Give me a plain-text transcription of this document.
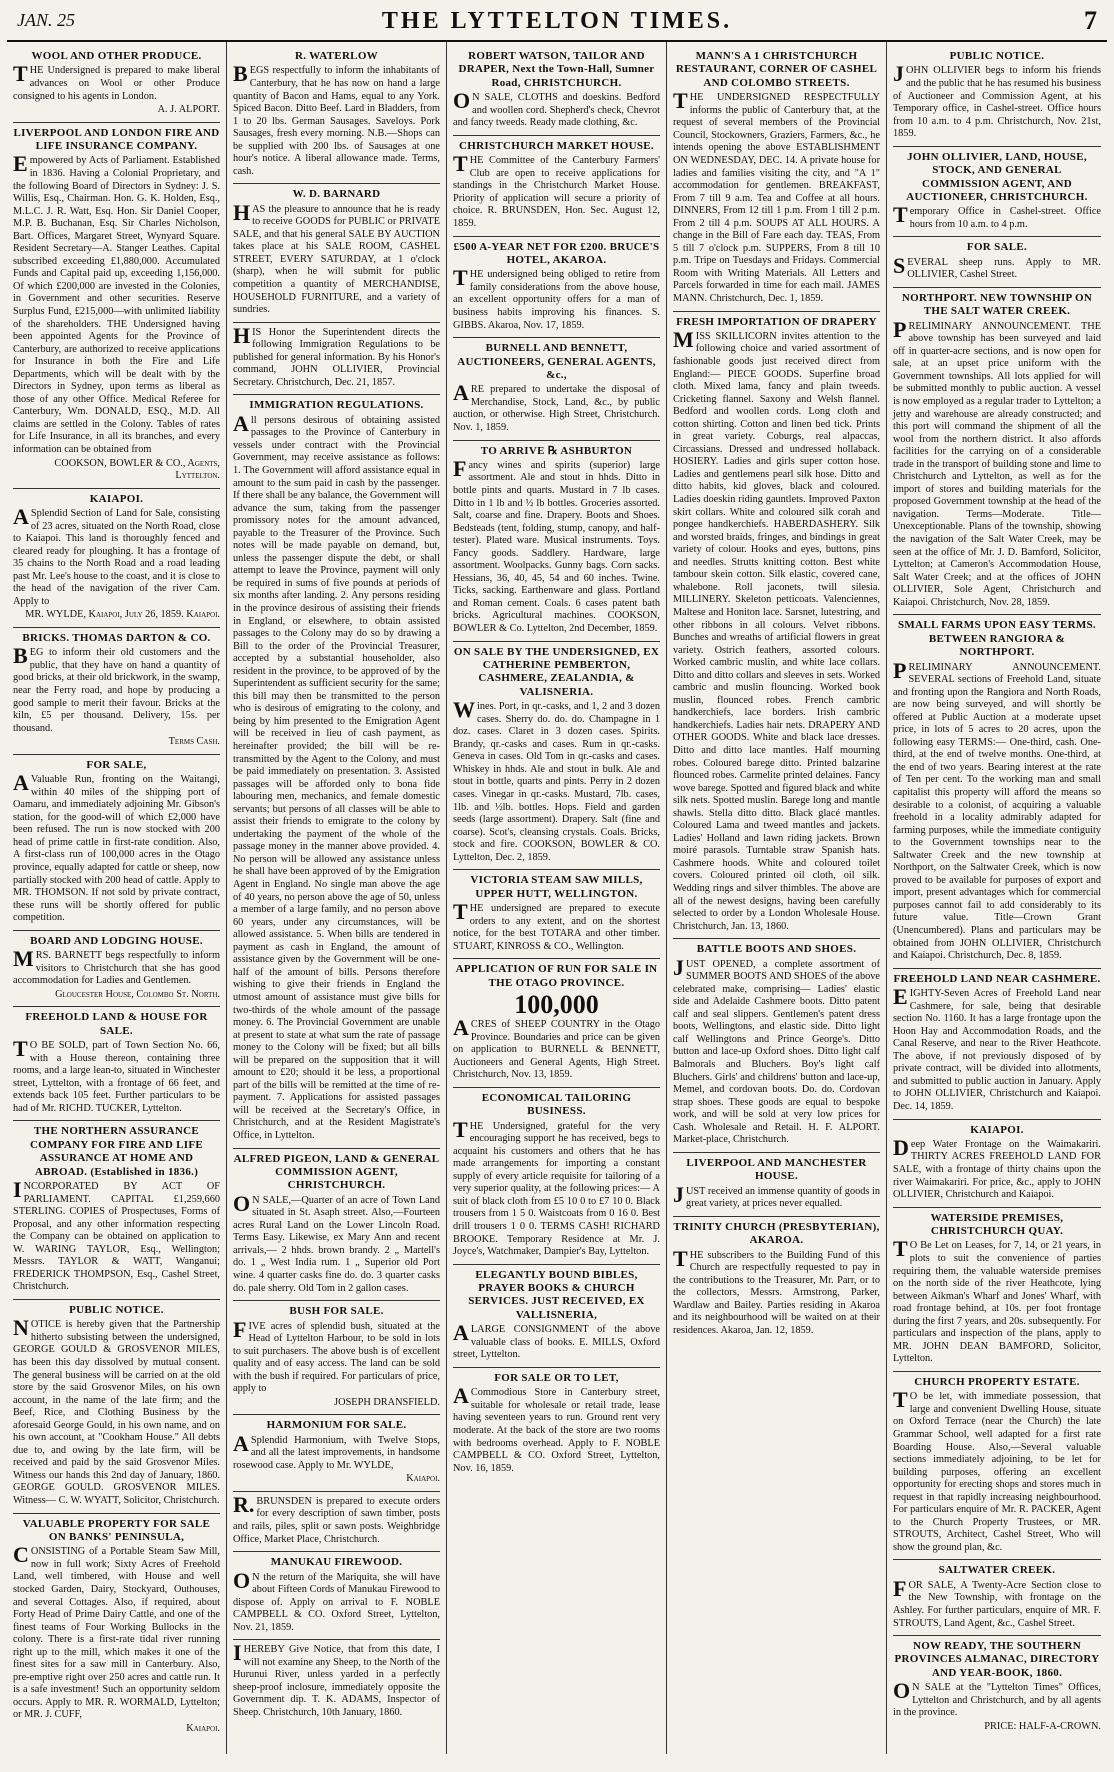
JAN. 25	THE LYTTELTON TIMES.	7
WOOL AND OTHER PRODUCE.
THE Undersigned is prepared to make liberal advances on Wool or other Produce consigned to his agents in London.
A. J. ALPORT.
LIVERPOOL AND LONDON FIRE AND LIFE INSURANCE COMPANY.
Empowered by Acts of Parliament. Established in 1836. Having a Colonial Proprietary, and the following Board of Directors in Sydney: J. S. Willis, Esq., Chairman. Hon. G. K. Holden, Esq., M.L.C. J. R. Watt, Esq. Hon. Sir Daniel Cooper, M.P. B. Buchanan, Esq. Sir Charles Nicholson, Bart. Offices, Margaret Street, Wynyard Square. Resident Secretary—A. Stanger Leathes. Capital subscribed exceeding £1,880,000. Accumulated Funds and Capital paid up, exceeding 1,156,000. Of which £200,000 are invested in the Colonies, in Government and other securities. Reserve Surplus Fund, £215,000—with unlimited liability of the shareholders. THE Undersigned having been appointed Agents for the Province of Canterbury, are authorized to receive applications for Insurance in both the Fire and Life Departments, which will be dealt with by the Directors in Sydney, upon terms as liberal as those of any other Office. Medical Referee for Canterbury, Wm. DONALD, ESQ., M.D. All claims are settled in the Colony. Tables of rates for Life Insurance, in all its branches, and every information can be obtained from
COOKSON, BOWLER & CO., Agents, Lyttelton.
KAIAPOI.
ASplendid Section of Land for Sale, consisting of 23 acres, situated on the North Road, close to Kaiapoi. This land is thoroughly fenced and cleared ready for ploughing. It has a frontage of 35 chains to the North Road and a road leading past Mr. Lee's house to the coast, and it is close to the head of the navigation of the river Cam. Apply to
MR. WYLDE, Kaiapoi, July 26, 1859. Kaiapoi.
BRICKS. THOMAS DARTON & CO.
BEG to inform their old customers and the public, that they have on hand a quantity of good bricks, at their old brickwork, in the swamp, near the Ferry road, and hope by producing a good sample to merit their favour. Bricks at the kiln, £5 per thousand. Delivery, 15s. per thousand.
Terms Cash.
FOR SALE,
AValuable Run, fronting on the Waitangi, within 40 miles of the shipping port of Oamaru, and immediately adjoining Mr. Gibson's station, for the good-will of which £2,000 have been refused. The run is now stocked with 200 head of prime cattle in first-rate condition. Also, A first-class run of 100,000 acres in the Otago province, equally adapted for cattle or sheep, now partially stocked with 200 head of cattle. Apply to MR. THOMSON. If not sold by private contract, these runs will be shortly offered for public competition.
BOARD AND LODGING HOUSE.
MRS. BARNETT begs respectfully to inform visitors to Christchurch that she has good accommodation for Ladies and Gentlemen.
Gloucester House, Colombo St. North.
FREEHOLD LAND & HOUSE FOR SALE.
TO BE SOLD, part of Town Section No. 66, with a House thereon, containing three rooms, and a large lean-to, situated in Winchester street, Lyttelton, with a frontage of 66 feet, and extends back 105 feet. Further particulars to be had of Mr. RICHD. TUCKER, Lyttelton.
THE NORTHERN ASSURANCE COMPANY FOR FIRE AND LIFE ASSURANCE AT HOME AND ABROAD. (Established in 1836.)
INCORPORATED BY ACT OF PARLIAMENT. CAPITAL £1,259,660 STERLING. COPIES of Prospectuses, Forms of Proposal, and any other information respecting the Company can be obtained on application to W. WARING TAYLOR, Esq., Wellington; Messrs. TAYLOR & WATT, Wanganui; FREDERICK THOMPSON, Esq., Cashel Street, Christchurch.
PUBLIC NOTICE.
NOTICE is hereby given that the Partnership hitherto subsisting between the undersigned, GEORGE GOULD & GROSVENOR MILES, has been this day dissolved by mutual consent. The general business will be carried on at the old store by the said Grosvenor Miles, on his own account, in the name of the late firm; and the Beef, Rice, and Clothing Business by the aforesaid George Gould, in his own name, and on his own account, at "Cookham House." All debts due to, and owing by the late firm, will be received and paid by the said Grosvenor Miles. Witness our hands this 2nd day of January, 1860. GEORGE GOULD. GROSVENOR MILES. Witness— C. W. WYATT, Solicitor, Christchurch.
VALUABLE PROPERTY FOR SALE ON BANKS' PENINSULA,
CONSISTING of a Portable Steam Saw Mill, now in full work; Sixty Acres of Freehold Land, well timbered, with House and well stocked Garden, Dairy, Stockyard, Outhouses, and several Cottages. Also, if required, about Forty Head of Prime Dairy Cattle, and one of the finest teams of Four Working Bullocks in the colony. There is a first-rate tidal river running right up to the mill, which makes it one of the finest sites for a saw mill in Canterbury. Also, pre-emptive right over 250 acres and cattle run. It is a safe investment! Such an opportunity seldom occurs. Apply to MR. R. WORMALD, Lyttelton; or MR. J. CUFF,
Kaiapoi.
R. WATERLOW
BEGS respectfully to inform the inhabitants of Canterbury, that he has now on hand a large quantity of Bacon and Hams, equal to any York. Spiced Bacon. Ditto Beef. Lard in Bladders, from 1 to 20 lbs. German Sausages. Saveloys. Pork Sausages, fresh every morning. N.B.—Shops can be supplied with 200 lbs. of Sausages at one hour's notice. A liberal allowance made. Terms, cash.
W. D. BARNARD
HAS the pleasure to announce that he is ready to receive GOODS for PUBLIC or PRIVATE SALE, and that his general SALE BY AUCTION takes place at his SALE ROOM, CASHEL STREET, EVERY SATURDAY, at 1 o'clock (sharp), when he will submit for public competition a quantity of MERCHANDISE, HOUSEHOLD FURNITURE, and a variety of sundries.
HIS Honor the Superintendent directs the following Immigration Regulations to be published for general information. By his Honor's command, JOHN OLLIVIER, Provincial Secretary. Christchurch, Dec. 21, 1857.
IMMIGRATION REGULATIONS.
All persons desirous of obtaining assisted passages to the Province of Canterbury in vessels under contract with the Provincial Government, may receive assistance as follows: 1. The Government will afford assistance equal in amount to the sum paid in cash by the passenger. If there shall be any balance, the Government will advance the sum, taking from the passenger promissory notes for the amount advanced, payable to the Treasurer of the Province. Such notes will be made payable on demand, but, unless the passenger dispute the debt, or shall attempt to leave the Province, payment will only be required in sums of five pounds at periods of six months after landing. 2. Any persons residing in the province desirous of assisting their friends in England, or elsewhere, to obtain assisted passages to the Colony may do so by drawing a Bill to the order of the Provincial Treasurer, accepted by a substantial householder, also resident in the province, to be approved of by the Superintendent as sufficient security for the same; this bill may then be transmitted to the person who is desirous of emigrating to the colony, and being by him presented to the Emigration Agent will be received in lieu of cash payment, as hereinafter provided; the bill will be re-transmitted by the Agent to the Colony, and must be paid immediately on presentation. 3. Assisted passages will be afforded only to bona fide labouring men, mechanics, and female domestic servants; but persons of all classes will be able to assist their friends to emigrate to the colony by undertaking the payment of the whole of the passage money in the manner above provided. 4. No person will be allowed any assistance unless he shall have been approved of by the Emigration Agent in England. No single man above the age of 40 years, no person above the age of 50, unless a member of a large family, and no person above 60 years, under any circumstances, will be allowed assistance. 5. When bills are tendered in payment as cash in England, the amount of assistance given by the Government will be one-half of the amount of bills. Persons therefore wishing to give their friends in England the utmost amount of assistance must give bills for two-thirds of the whole amount of the passage money. 6. The Provincial Government are unable at present to state at what sum the rate of passage money to the Colony will be fixed; but all bills will be prepared on the supposition that it will amount to £20; should it be less, a proportional part of the bills will be remitted at the time of re-payment. 7. Applications for assisted passages will be received at the Secretary's Office, in Christchurch, and at the Resident Magistrate's Office, in Lyttelton.
ALFRED PIGEON, LAND & GENERAL COMMISSION AGENT, CHRISTCHURCH.
ON SALE,—Quarter of an acre of Town Land situated in St. Asaph street. Also,—Fourteen acres Rural Land on the Lower Lincoln Road. Terms Easy. Likewise, ex Mary Ann and recent arrivals,— 2 hhds. brown brandy. 2 „ Martell's do. 1 „ West India rum. 1 „ Superior old Port wine. 4 quarter casks fine do. do. 3 quarter casks do. pale sherry. Old Tom in 2 gallon cases.
BUSH FOR SALE.
FIVE acres of splendid bush, situated at the Head of Lyttelton Harbour, to be sold in lots to suit purchasers. The above bush is of excellent quality and of easy access. The land can be sold with the bush if required. For particulars of price, apply to
JOSEPH DRANSFIELD.
HARMONIUM FOR SALE.
ASplendid Harmonium, with Twelve Stops, and all the latest improvements, in handsome rosewood case. Apply to Mr. WYLDE,
Kaiapoi.
R.BRUNSDEN is prepared to execute orders for every description of sawn timber, posts and rails, piles, split or sawn posts. Weighbridge Office, Market Place, Christchurch.
MANUKAU FIREWOOD.
ON the return of the Mariquita, she will have about Fifteen Cords of Manukau Firewood to dispose of. Apply on arrival to F. NOBLE CAMPBELL & CO. Oxford Street, Lyttelton, Nov. 21, 1859.
IHEREBY Give Notice, that from this date, I will not examine any Sheep, to the North of the Hurunui River, unless yarded in a perfectly sheep-proof inclosure, immediately opposite the Government dip. T. K. ADAMS, Inspector of Sheep. Christchurch, 10th January, 1860.
ROBERT WATSON, TAILOR AND DRAPER, Next the Town-Hall, Sumner Road, CHRISTCHURCH.
ON SALE, CLOTHS and doeskins. Bedford and woollen cord. Shepherd's check, Chevrot and fancy tweeds. Ready made clothing, &c.
CHRISTCHURCH MARKET HOUSE.
THE Committee of the Canterbury Farmers' Club are open to receive applications for standings in the Christchurch Market House. Priority of application will secure a priority of choice. R. BRUNSDEN, Hon. Sec. August 12, 1859.
£500 A-YEAR NET FOR £200. BRUCE'S HOTEL, AKAROA.
THE undersigned being obliged to retire from family considerations from the above house, an excellent opportunity offers for a man of business habits improving his finances. S. GIBBS. Akaroa, Nov. 17, 1859.
BURNELL AND BENNETT, AUCTIONEERS, GENERAL AGENTS, &c.,
ARE prepared to undertake the disposal of Merchandise, Stock, Land, &c., by public auction, or otherwise. High Street, Christchurch. Nov. 1, 1859.
TO ARRIVE ℞ ASHBURTON
Fancy wines and spirits (superior) large assortment. Ale and stout in hhds. Ditto in bottle pints and quarts. Mustard in 7 lb cases. Ditto in 1 lb and ½ lb bottles. Groceries assorted. Salt, coarse and fine. Drapery. Boots and Shoes. Bedsteads (tent, folding, stump, canopy, and half-tester). Plated ware. Musical instruments. Toys. Fancy goods. Saddlery. Hardware, large assortment. Woolpacks. Gunny bags. Corn sacks. Hessians, 36, 40, 45, 54 and 60 inches. Twine. Ticks, sacking. Earthenware and glass. Portland and Roman cement. Coals. 6 cases patent bath bricks. Agricultural machines. COOKSON, BOWLER & Co. Lyttelton, 2nd December, 1859.
ON SALE BY THE UNDERSIGNED, EX CATHERINE PEMBERTON, CASHMERE, ZEALANDIA, & VALISNERIA.
Wines. Port, in qr.-casks, and 1, 2 and 3 dozen cases. Sherry do. do. do. Champagne in 1 doz. cases. Claret in 3 dozen cases. Spirits. Brandy, qr.-casks and cases. Rum in qr.-casks. Geneva in cases. Old Tom in qr.-casks and cases. Whiskey in hhds. Ale and stout in bulk. Ale and stout in bottle, quarts and pints. Perry in 2 dozen cases. Vinegar in qr.-casks. Mustard, 7lb. cases, 1lb. and ½lb. bottles. Hops. Field and garden seeds (large assortment). Drapery. Salt (fine and coarse). Scot's, cleansing crystals. Coals. Bricks, stock and fire. COOKSON, BOWLER & CO. Lyttelton, Dec. 2, 1859.
VICTORIA STEAM SAW MILLS, UPPER HUTT, WELLINGTON.
THE undersigned are prepared to execute orders to any extent, and on the shortest notice, for the best TOTARA and other timber. STUART, KINROSS & CO., Wellington.
APPLICATION OF RUN FOR SALE IN THE OTAGO PROVINCE.
100,000
ACRES of SHEEP COUNTRY in the Otago Province. Boundaries and price can be given on application to BURNELL & BENNETT, Auctioneers and General Agents, High Street. Christchurch, Nov. 13, 1859.
ECONOMICAL TAILORING BUSINESS.
THE Undersigned, grateful for the very encouraging support he has received, begs to acquaint his customers and others that he has made arrangements for importing a constant supply of every article requisite for tailoring of a very superior quality, at the following prices:— A suit of black cloth from £5 10 0 to £7 10 0. Black trousers from 1 5 0. Waistcoats from 0 16 0. Best drill trousers 1 0 0. TERMS CASH! RICHARD BROOKE. Temporary Residence at Mr. J. Joyce's, Watchmaker, Dampier's Bay, Lyttelton.
ELEGANTLY BOUND BIBLES, PRAYER BOOKS & CHURCH SERVICES. JUST RECEIVED, EX VALLISNERIA,
ALARGE CONSIGNMENT of the above valuable class of books. E. MILLS, Oxford street, Lyttelton.
FOR SALE OR TO LET,
ACommodious Store in Canterbury street, suitable for wholesale or retail trade, lease having seventeen years to run. Ground rent very moderate. At the back of the store are two rooms with bedrooms overhead. Apply to F. NOBLE CAMPBELL & CO. Oxford Street, Lyttelton, Nov. 16, 1859.
MANN'S A 1 CHRISTCHURCH RESTAURANT, CORNER OF CASHEL AND COLOMBO STREETS.
THE UNDERSIGNED RESPECTFULLY informs the public of Canterbury that, at the request of several members of the Provincial Council, Stockowners, Graziers, Farmers, &c., he intends opening the above ESTABLISHMENT ON WEDNESDAY, DEC. 14. A private house for ladies and families visiting the city, and "A 1" accommodation for gentlemen. BREAKFAST, From 7 till 9 a.m. Tea and Coffee at all hours. DINNERS, From 12 till 1 p.m. From 1 till 2 p.m. From 2 till 4 p.m. SOUPS AT ALL HOURS. A change in the Bill of Fare each day. TEAS, From 5 till 7 o'clock p.m. SUPPERS, From 8 till 10 p.m. Tripe on Tuesdays and Fridays. Commercial Room with Writing Materials. All Letters and Parcels forwarded in time for each mail. JAMES MANN. Christchurch, Dec. 1, 1859.
FRESH IMPORTATION OF DRAPERY
MISS SKILLICORN invites attention to the following choice and varied assortment of fashionable goods just received direct from England:— PIECE GOODS. Superfine broad cloth. Mixed lama, fancy and plain tweeds. Cricketing flannel. Saxony and Welsh flannel. Bedford and woollen cords. Long cloth and cotton shirting. Cotton and linen bed tick. Prints in great variety. Coburgs, real alpaccas, Circassians. Dressed and undressed hollaback. HOSIERY. Ladies and girls super cotton hose. Ladies and gentlemens pearl silk hose. Ditto and ditto habits, kid gloves, black and coloured. Ladies doeskin riding gauntlets. Improved Paxton skirt collars. White and coloured silk corah and pongee handkerchiefs. HABERDASHERY. Silk and worsted braids, fringes, and bindings in great variety of colour. Hooks and eyes, buttons, pins and needles. Strutts knitting cotton. Best white tambour skein cotton. Silk elastic, covered cane, whalebone. Roll jaconets, twill silesia. MILLINERY. Skeleton petticoats. Valenciennes, Maltese and Honiton lace. Sarsnet, lutestring, and other ribbons in all colours. Velvet ribbons. Bunches and wreaths of artificial flowers in great variety. Ostrich feathers, assorted colours. Worked cambric muslin, and white lace collars. Ditto and ditto collars and sleeves in sets. Worked cambric and muslin flouncing. Worked book muslin, flounced robes. French cambric handkerchiefs, lace borders. Irish cambric handkerchiefs. Ladies hair nets. DRAPERY AND OTHER GOODS. White and black lace dresses. Ditto and ditto lace mantles. Half mourning robes. Coloured barege ditto. Printed balzarine flounced robes. Carmelite printed delaines. Fancy wove barege. Spotted and figured black and white silk nets. Spotted muslin. Barege long and mantle shawls. Stella ditto ditto. Black glacé mantles. Coloured Lama and tweed mantles and jackets. Ladies' Holland and lawn riding jackets. Brown moiré parasols. Turntable straw Spanish hats. Cashmere hoods. White and coloured toilet covers. Coloured printed oil cloth, oil silk. Wedding rings and silver thimbles. The above are all of the newest designs, having been carefully selected to order by a London Wholesale House. Christchurch, Jan. 13, 1860.
BATTLE BOOTS AND SHOES.
JUST OPENED, a complete assortment of SUMMER BOOTS AND SHOES of the above celebrated make, comprising— Ladies' elastic side and Adelaide Cashmere boots. Ditto patent calf and seal slippers. Gentlemen's patent dress boots, Wellingtons, and elastic side. Ditto light calf Wellingtons and Prince George's. Ditto button and lace-up Oxford shoes. Ditto light calf Balmorals and Bluchers. Boy's light calf Bluchers. Girls' and childrens' button and lace-up, Memel, and cordovan boots. Do. do. Cordovan strap shoes. These goods are equal to bespoke work, and will be sold at very low prices for Cash. Wholesale and Retail. H. F. ALPORT. Market-place, Christchurch.
LIVERPOOL AND MANCHESTER HOUSE.
JUST received an immense quantity of goods in great variety, at prices never equalled.
TRINITY CHURCH (PRESBYTERIAN), AKAROA.
THE subscribers to the Building Fund of this Church are respectfully requested to pay in the contributions to the Treasurer, Mr. Parr, or to the collectors, Messrs. Armstrong, Parker, Wardlaw and Bailey. Parties residing in Akaroa and its neighbourhood will be waited on at their residences. Akaroa, Jan. 12, 1859.
PUBLIC NOTICE.
JOHN OLLIVIER begs to inform his friends and the public that he has resumed his business of Auctioneer and Commission Agent, at his Temporary office, in Cashel-street. Office hours from 10 a.m. to 4 p.m. Christchurch, Nov. 21st, 1859.
JOHN OLLIVIER, LAND, HOUSE, STOCK, AND GENERAL COMMISSION AGENT, AND AUCTIONEER, CHRISTCHURCH.
Temporary Office in Cashel-street. Office hours from 10 a.m. to 4 p.m.
FOR SALE.
SEVERAL sheep runs. Apply to MR. OLLIVIER, Cashel Street.
NORTHPORT. NEW TOWNSHIP ON THE SALT WATER CREEK.
PRELIMINARY ANNOUNCEMENT. THE above township has been surveyed and laid off in quarter-acre sections, and is now open for sale, at an upset price uniform with the Government townships. All lots applied for will be submitted monthly to public auction. A vessel is now employed as a regular trader to Lyttelton; a jetty and warehouse are already constructed; and this port will command the shipment of all the wool from the northern district. It also affords facilities for the carrying on of a considerable trade in the transport of building stone and lime to Christchurch and Lyttelton, as well as for the import of stores and building materials for the proposed Government township at the head of the navigation. Terms—Moderate. Title—Unexceptionable. Plans of the township, showing the navigation of the Salt Water Creek, may be seen at the office of Mr. J. D. Bamford, Solicitor, Lyttelton; at Cameron's Accommodation House, Salt Water Creek; and at the offices of JOHN OLLIVIER, Sole Agent, Christchurch and Kaiapoi. Christchurch, Nov. 28, 1859.
SMALL FARMS UPON EASY TERMS. BETWEEN RANGIORA & NORTHPORT.
PRELIMINARY ANNOUNCEMENT. SEVERAL sections of Freehold Land, situate and fronting upon the Rangiora and North Roads, are now being surveyed, and will shortly be offered at Public Auction at a moderate upset price, in lots of 5 acres to 20 acres, upon the following easy TERMS:— One-third, cash. One-third, at the end of twelve months. One-third, at the end of two years. Bearing interest at the rate of Ten per cent. To the working man and small capitalist this property will afford the means so desirable to a colonist, of acquiring a valuable freehold in a locality admirably adapted for farming purposes, while the immediate contiguity to the Government townships near to the Saltwater Creek and the new township at Northport, on the Saltwater Creek, which is now proved to be available for purposes of export and import, present advantages which for commercial purposes cannot fail to add considerably to its future value. Title—Crown Grant (Unencumbered). Plans and particulars may be obtained from JOHN OLLIVIER, Christchurch and Kaiapoi. Christchurch, Dec. 8, 1859.
FREEHOLD LAND NEAR CASHMERE.
EIGHTY-Seven Acres of Freehold Land near Cashmere, for sale, being that desirable section No. 1160. It has a large frontage upon the Hoon Hay and Accommodation Roads, and the Canal Reserve, and near to the River Heathcote. The above, if not previously disposed of by private contract, will be divided into allotments, and submitted to public auction in January. Apply to JOHN OLLIVIER, Christchurch and Kaiapoi. Dec. 14, 1859.
KAIAPOI.
Deep Water Frontage on the Waimakariri. THIRTY ACRES FREEHOLD LAND FOR SALE, with a frontage of thirty chains upon the river Waimakariri. For price, &c., apply to JOHN OLLIVIER, Christchurch and Kaiapoi.
WATERSIDE PREMISES, CHRISTCHURCH QUAY.
TO Be Let on Leases, for 7, 14, or 21 years, in plots to suit the convenience of parties requiring them, the valuable waterside premises on the north side of the river Heathcote, lying between Aikman's Wharf and Jones' Wharf, with road frontage behind, at 10s. per foot frontage during the first 7 years, and 20s. subsequently. For particulars and inspection of the plans, apply to MR. JOHN DEAN BAMFORD, Solicitor, Lyttelton.
CHURCH PROPERTY ESTATE.
TO be let, with immediate possession, that large and convenient Dwelling House, situate on Oxford Terrace (near the Church) the late Grammar School, well adapted for a first rate Boarding House. Also,—Several valuable sections immediately adjoining, to be let for building purposes, offering an excellent opportunity for erecting shops and stores much in request in that rapidly increasing neighbourhood. For particulars enquire of Mr. R. PACKER, Agent to the Church Property Trustees, or MR. STROUTS, Architect, Cashel Street, Who will show the ground plan, &c.
SALTWATER CREEK.
FOR SALE, A Twenty-Acre Section close to the New Township, with frontage on the Ashley. For further particulars, enquire of MR. F. STROUTS, Land Agent, &c., Cashel Street.
NOW READY, THE SOUTHERN PROVINCES ALMANAC, DIRECTORY AND YEAR-BOOK, 1860.
ON SALE at the "Lyttelton Times" Offices, Lyttelton and Christchurch, and by all agents in the province.
PRICE: HALF-A-CROWN.
